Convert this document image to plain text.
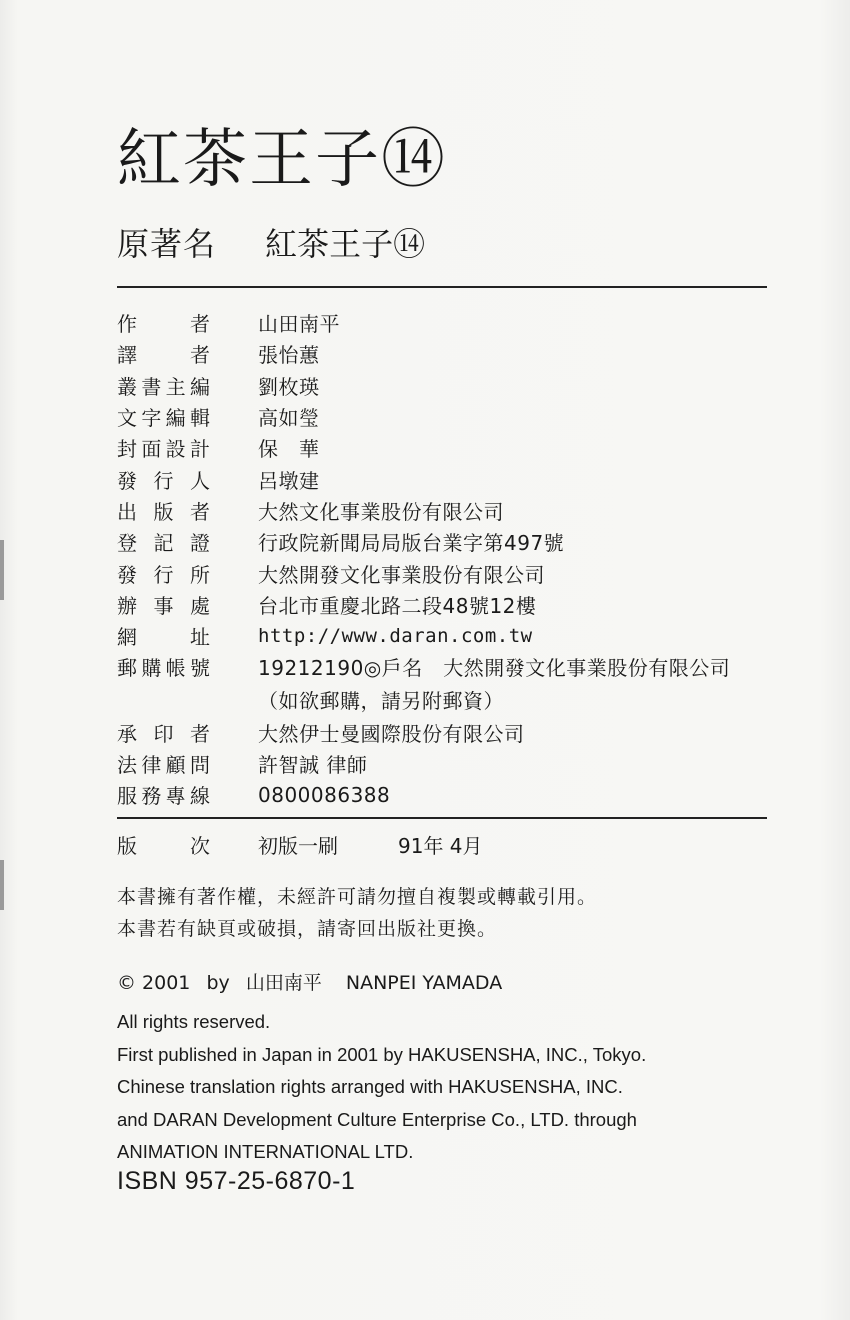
紅茶王子⑭
原著名 紅茶王子⑭
作	者 山田南平
譯	者 張怡蕙
叢 書 主 編 劉枚瑛
文 字 編 輯 高如瑩
封 面 設 計 保　華
發 行 人 呂墩建
出 版 者 大然文化事業股份有限公司
登 記 證 行政院新聞局局版台業字第497號
發 行 所 大然開發文化事業股份有限公司
辦 事 處 台北市重慶北路二段48號12樓
網	址	http://www.daran.com.tw
郵 購 帳 號 19212190◎戶名　大然開發文化事業股份有限公司
（如欲郵購，請另附郵資）
承 印 者 大然伊士曼國際股份有限公司
法 律 顧 問 許智誠 律師
服 務 專 線 0800086388
版	次 初版一刷	91年 4月
本書擁有著作權，未經許可請勿擅自複製或轉載引用。
本書若有缺頁或破損，請寄回出版社更換。
© 2001 by 山田南平 NANPEI YAMADA
All rights reserved.
First published in Japan in 2001 by HAKUSENSHA, INC., Tokyo.
Chinese translation rights arranged with HAKUSENSHA, INC.
and DARAN Development Culture Enterprise Co., LTD. through
ANIMATION INTERNATIONAL LTD.
ISBN 957-25-6870-1
